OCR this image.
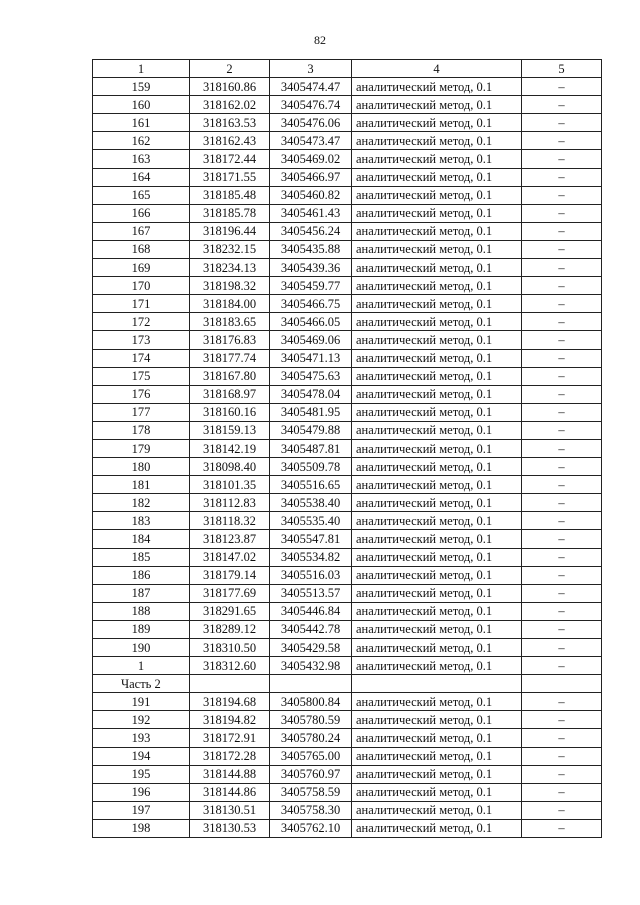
82
1	2	3	4	5
159	318160.86	3405474.47	аналитический метод, 0.1	–
160	318162.02	3405476.74	аналитический метод, 0.1	–
161	318163.53	3405476.06	аналитический метод, 0.1	–
162	318162.43	3405473.47	аналитический метод, 0.1	–
163	318172.44	3405469.02	аналитический метод, 0.1	–
164	318171.55	3405466.97	аналитический метод, 0.1	–
165	318185.48	3405460.82	аналитический метод, 0.1	–
166	318185.78	3405461.43	аналитический метод, 0.1	–
167	318196.44	3405456.24	аналитический метод, 0.1	–
168	318232.15	3405435.88	аналитический метод, 0.1	–
169	318234.13	3405439.36	аналитический метод, 0.1	–
170	318198.32	3405459.77	аналитический метод, 0.1	–
171	318184.00	3405466.75	аналитический метод, 0.1	–
172	318183.65	3405466.05	аналитический метод, 0.1	–
173	318176.83	3405469.06	аналитический метод, 0.1	–
174	318177.74	3405471.13	аналитический метод, 0.1	–
175	318167.80	3405475.63	аналитический метод, 0.1	–
176	318168.97	3405478.04	аналитический метод, 0.1	–
177	318160.16	3405481.95	аналитический метод, 0.1	–
178	318159.13	3405479.88	аналитический метод, 0.1	–
179	318142.19	3405487.81	аналитический метод, 0.1	–
180	318098.40	3405509.78	аналитический метод, 0.1	–
181	318101.35	3405516.65	аналитический метод, 0.1	–
182	318112.83	3405538.40	аналитический метод, 0.1	–
183	318118.32	3405535.40	аналитический метод, 0.1	–
184	318123.87	3405547.81	аналитический метод, 0.1	–
185	318147.02	3405534.82	аналитический метод, 0.1	–
186	318179.14	3405516.03	аналитический метод, 0.1	–
187	318177.69	3405513.57	аналитический метод, 0.1	–
188	318291.65	3405446.84	аналитический метод, 0.1	–
189	318289.12	3405442.78	аналитический метод, 0.1	–
190	318310.50	3405429.58	аналитический метод, 0.1	–
1	318312.60	3405432.98	аналитический метод, 0.1	–
Часть 2				
191	318194.68	3405800.84	аналитический метод, 0.1	–
192	318194.82	3405780.59	аналитический метод, 0.1	–
193	318172.91	3405780.24	аналитический метод, 0.1	–
194	318172.28	3405765.00	аналитический метод, 0.1	–
195	318144.88	3405760.97	аналитический метод, 0.1	–
196	318144.86	3405758.59	аналитический метод, 0.1	–
197	318130.51	3405758.30	аналитический метод, 0.1	–
198	318130.53	3405762.10	аналитический метод, 0.1	–
